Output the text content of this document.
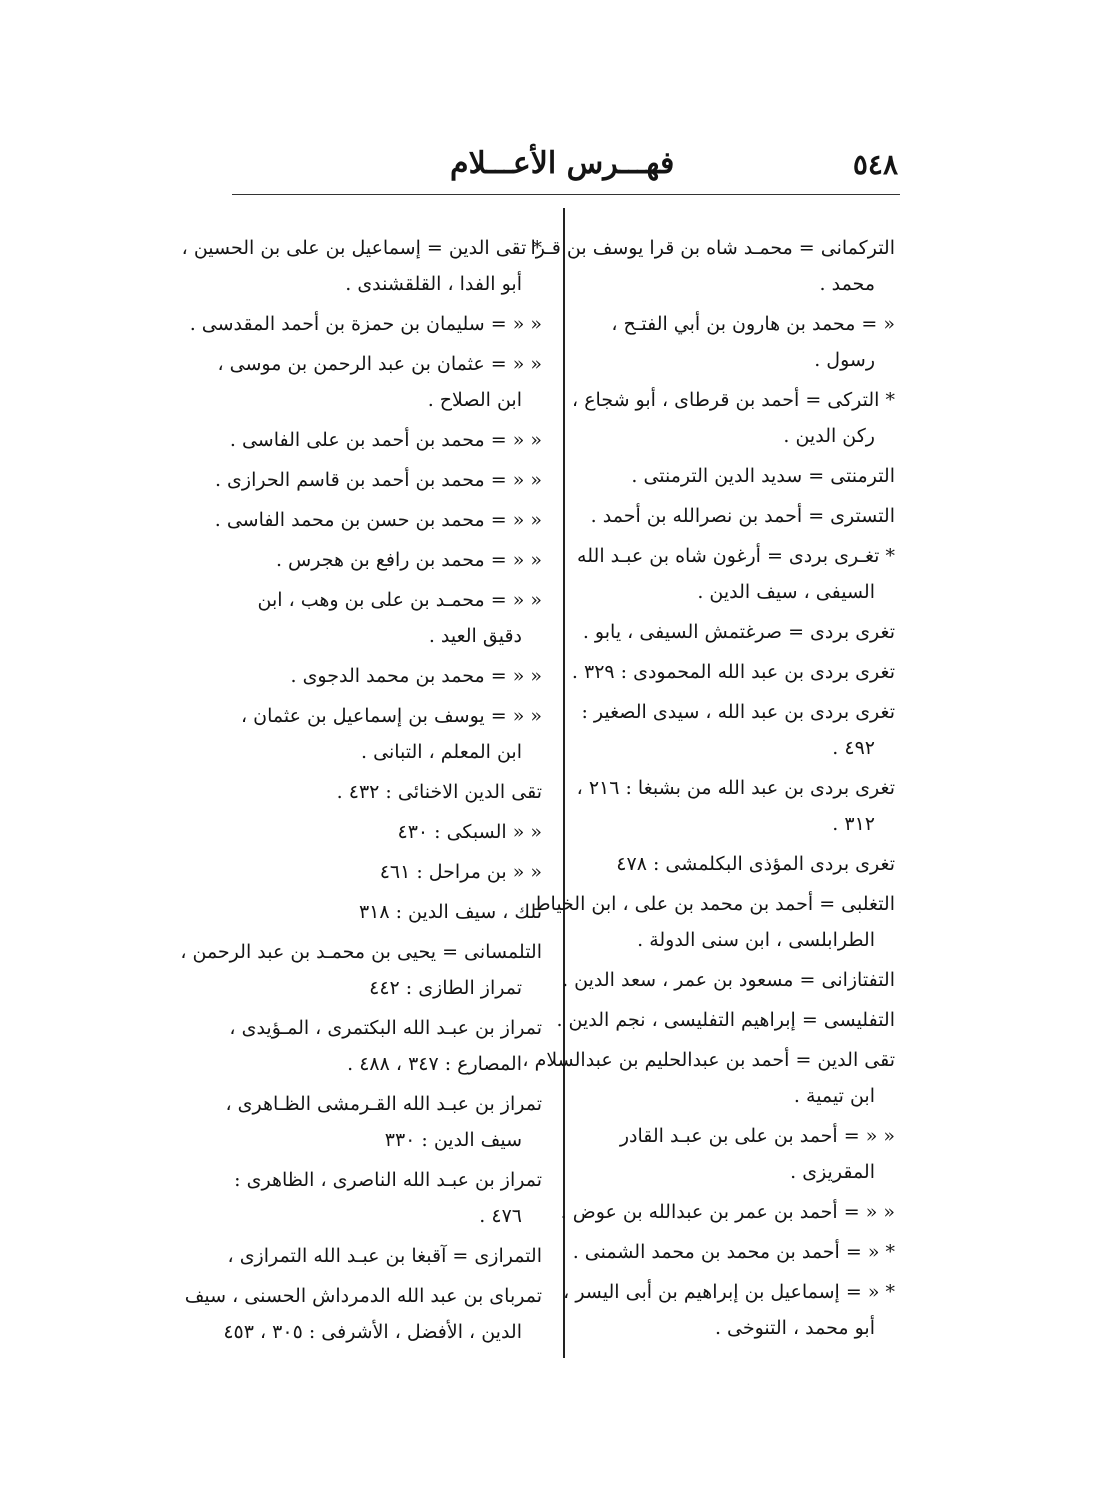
٥٤٨
فهـــرس الأعـــلام
التركمانى = محمـد شاه بن قرا يوسف بن قـرا
محمد .
« = محمد بن هارون بن أبي الفتـح ،
رسول .
* التركى = أحمد بن قرطاى ، أبو شجاع ،
ركن الدين .
الترمنتى = سديد الدين الترمنتى .
التسترى = أحمد بن نصرالله بن أحمد .
* تغـرى بردى = أرغون شاه بن عبـد الله
السيفى ، سيف الدين .
تغرى بردى = صرغتمش السيفى ، يابو .
تغرى بردى بن عبد الله المحمودى : ٣٢٩ .
تغرى بردى بن عبد الله ، سيدى الصغير :
٤٩٢ .
تغرى بردى بن عبد الله من بشبغا : ٢١٦ ،
٣١٢ .
تغرى بردى المؤذى البكلمشى : ٤٧٨
التغلبى = أحمد بن محمد بن على ، ابن الخياط
الطرابلسى ، ابن سنى الدولة .
التفتازانى = مسعود بن عمر ، سعد الدين .
التفليسى = إبراهيم التفليسى ، نجم الدين .
تقى الدين = أحمد بن عبدالحليم بن عبدالسلام ،
ابن تيمية .
« « = أحمد بن على بن عبـد القادر
المقريزى .
« « = أحمد بن عمر بن عبدالله بن عوض .
* « = أحمد بن محمد بن محمد الشمنى .
* « = إسماعيل بن إبراهيم بن أبى اليسر ،
أبو محمد ، التنوخى .
* تقى الدين = إسماعيل بن على بن الحسين ،
أبو الفدا ، القلقشندى .
« « = سليمان بن حمزة بن أحمد المقدسى .
« « = عثمان بن عبد الرحمن بن موسى ،
ابن الصلاح .
« « = محمد بن أحمد بن على الفاسى .
« « = محمد بن أحمد بن قاسم الحرازى .
« « = محمد بن حسن بن محمد الفاسى .
« « = محمد بن رافع بن هجرس .
« « = محمـد بن على بن وهب ، ابن
دقيق العيد .
« « = محمد بن محمد الدجوى .
« « = يوسف بن إسماعيل بن عثمان ،
ابن المعلم ، التبانى .
تقى الدين الاخنائى : ٤٣٢ .
« « السبكى : ٤٣٠
« « بن مراحل : ٤٦١
تلك ، سيف الدين : ٣١٨
التلمسانى = يحيى بن محمـد بن عبد الرحمن ،
تمراز الطازى : ٤٤٢
تمراز بن عبـد الله البكتمرى ، المـؤيدى ،
المصارع : ٣٤٧ ، ٤٨٨ .
تمراز بن عبـد الله القـرمشى الظـاهرى ،
سيف الدين : ٣٣٠
تمراز بن عبـد الله الناصرى ، الظاهرى :
٤٧٦ .
التمرازى = آقبغا بن عبـد الله التمرازى ،
تمرباى بن عبد الله الدمرداش الحسنى ، سيف
الدين ، الأفضل ، الأشرفى : ٣٠٥ ، ٤٥٣
